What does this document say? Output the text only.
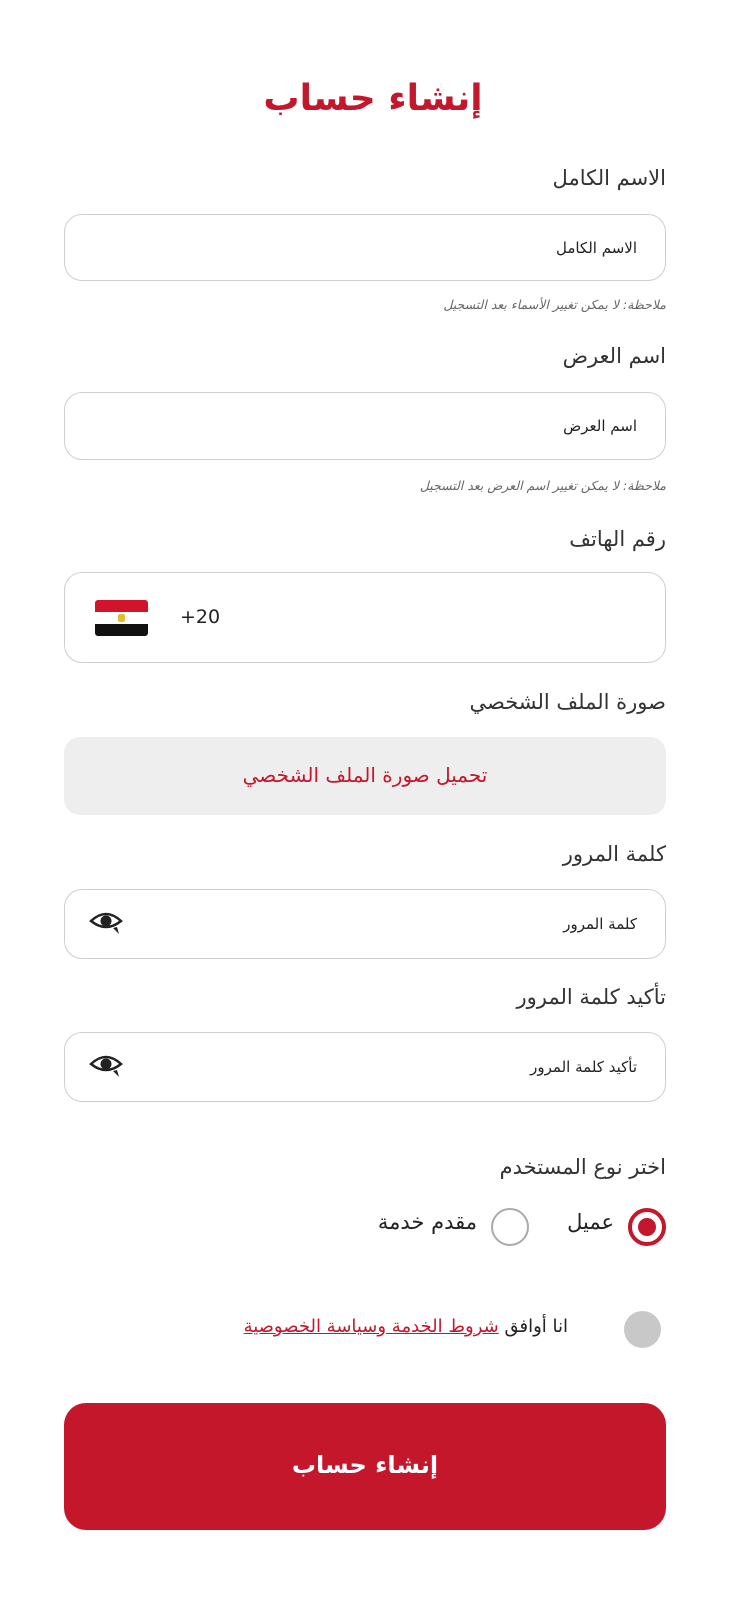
إنشاء حساب
الاسم الكامل
الاسم الكامل
ملاحظة: لا يمكن تغيير الأسماء بعد التسجيل
اسم العرض
اسم العرض
ملاحظة: لا يمكن تغيير اسم العرض بعد التسجيل
رقم الهاتف
+20
صورة الملف الشخصي
تحميل صورة الملف الشخصي
كلمة المرور
كلمة المرور
تأكيد كلمة المرور
تأكيد كلمة المرور
اختر نوع المستخدم
عميل
مقدم خدمة
انا أوافق شروط الخدمة وسياسة الخصوصية
إنشاء حساب
